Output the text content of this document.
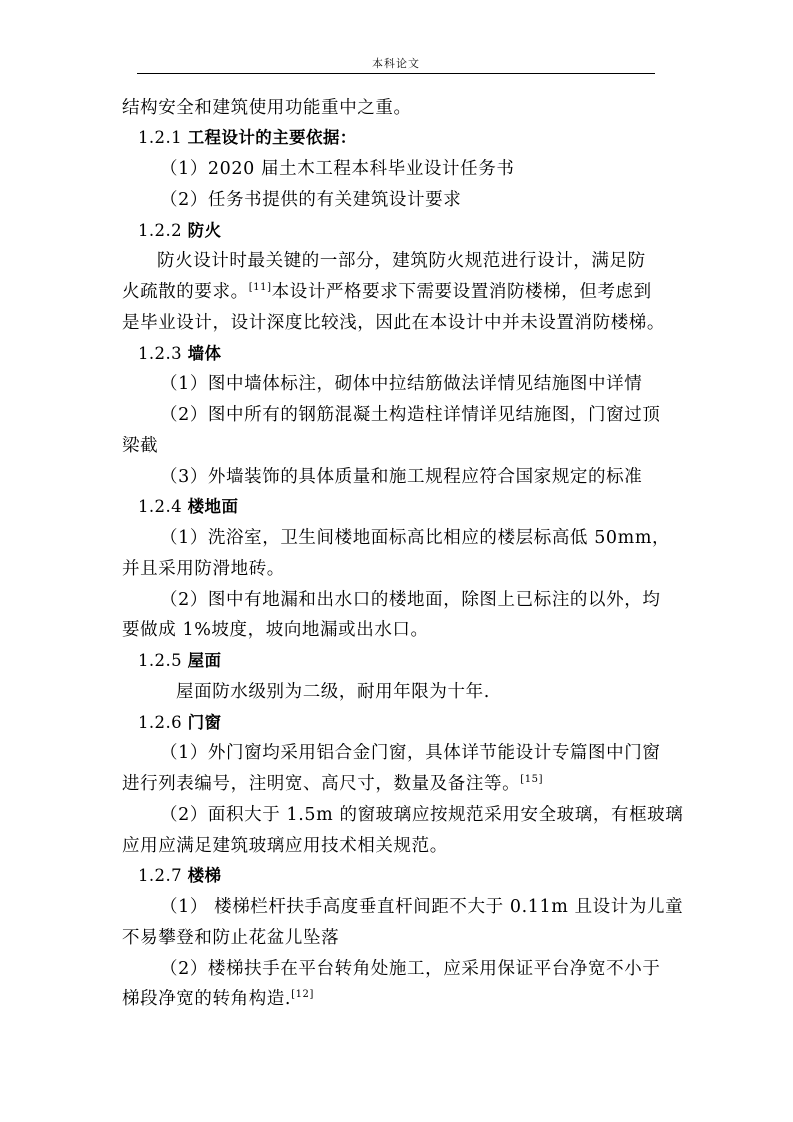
本科论文
结构安全和建筑使用功能重中之重。
1.2.1 工程设计的主要依据：
（1）2020 届土木工程本科毕业设计任务书
（2）任务书提供的有关建筑设计要求
1.2.2 防火
防火设计时最关键的一部分，建筑防火规范进行设计，满足防
火疏散的要求。[11]本设计严格要求下需要设置消防楼梯，但考虑到
是毕业设计，设计深度比较浅，因此在本设计中并未设置消防楼梯。
1.2.3 墙体
（1）图中墙体标注，砌体中拉结筋做法详情见结施图中详情
（2）图中所有的钢筋混凝土构造柱详情详见结施图，门窗过顶
梁截
（3）外墙装饰的具体质量和施工规程应符合国家规定的标准
1.2.4 楼地面
（1）洗浴室，卫生间楼地面标高比相应的楼层标高低 50mm，
并且采用防滑地砖。
（2）图中有地漏和出水口的楼地面，除图上已标注的以外，均
要做成 1%坡度，坡向地漏或出水口。
1.2.5 屋面
屋面防水级别为二级，耐用年限为十年.
1.2.6 门窗
（1）外门窗均采用铝合金门窗，具体详节能设计专篇图中门窗
进行列表编号，注明宽、高尺寸，数量及备注等。[15]
（2）面积大于 1.5m 的窗玻璃应按规范采用安全玻璃，有框玻璃
应用应满足建筑玻璃应用技术相关规范。
1.2.7 楼梯
（1） 楼梯栏杆扶手高度垂直杆间距不大于 0.11m 且设计为儿童
不易攀登和防止花盆儿坠落
（2）楼梯扶手在平台转角处施工，应采用保证平台净宽不小于
梯段净宽的转角构造.[12]
